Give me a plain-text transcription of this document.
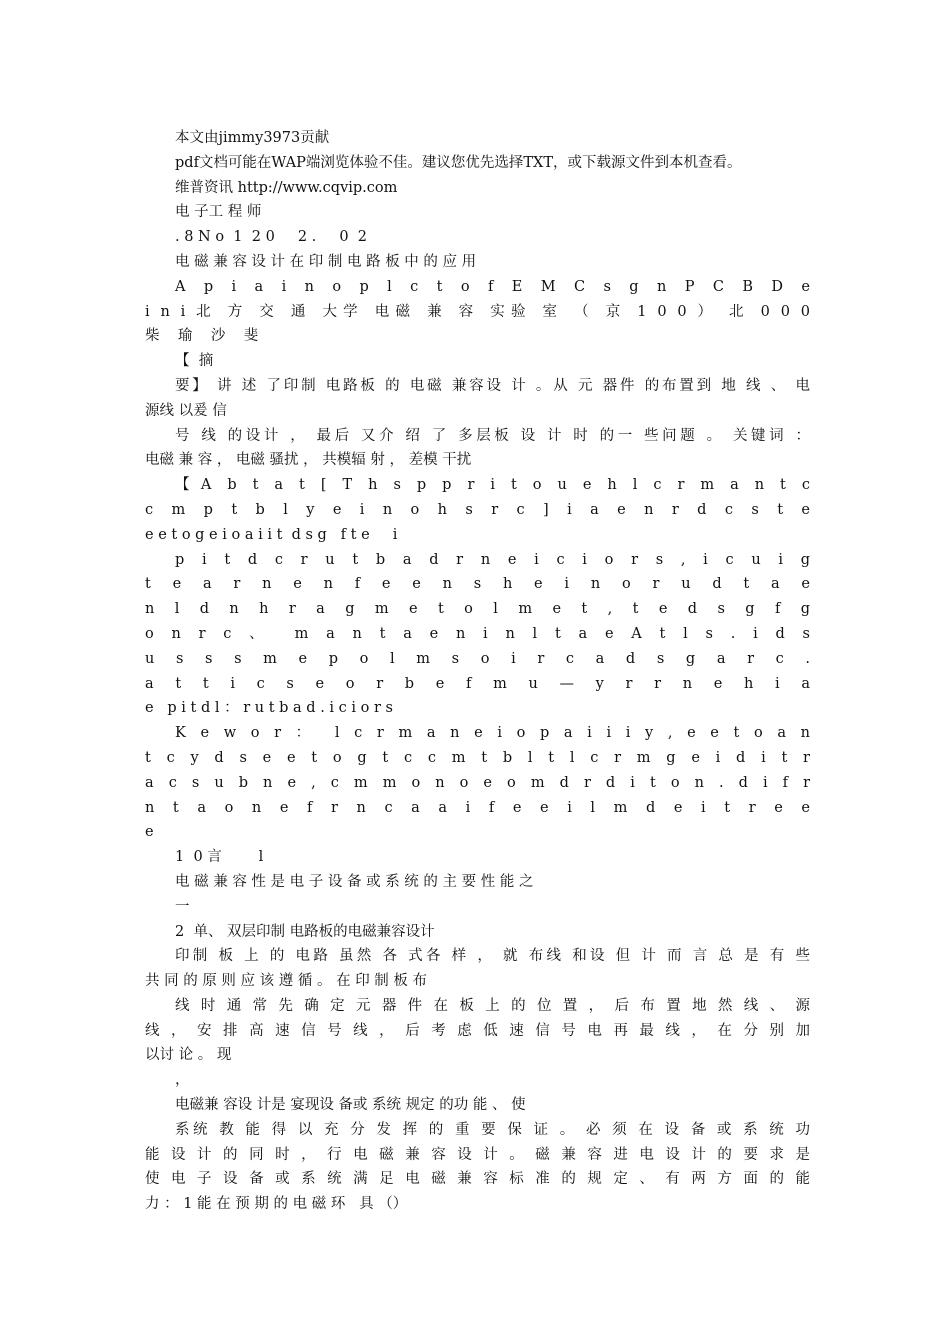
本文由jimmy3973贡献
pdf文档可能在WAP端浏览体验不佳。建议您优先选择TXT，或下载源文件到本机查看。
维普资讯 http://www.cqvip.com
电 子工 程 师
. 8 N o  1  2 0     2 .     0  2
电 磁 兼 容 设 计 在 印 制 电 路 板 中 的 应 用
A p i a i n o p l c t o f E M C s g n P C B D e
i n i 北 方 交 通 大学 电磁 兼 容 实验 室 （ 京 1 0 0 ） 北 0 0 0
柴    瑜    沙    斐
【  摘
要】 讲 述 了印制 电路板 的 电磁 兼容设 计 。从 元 器件 的布置到 地 线 、 电
源线 以爰 信
号 线 的设计 ， 最后 又介 绍 了 多层板 设 计 时 的一 些问题 。 关键词 ：
电磁 兼 容 ， 电磁 骚扰 ， 共模辐 射 ， 差模 干扰
【A b t a t [ T h s p p r i t o u e h l c r m a n t c
c m p t b l y e i n o h s r c ] i a e n r d c s t e
e e t o g e i o a i i t  d s g   f t e     i
p i t d c r u t b a d r n e i c i o r s , i c u i g
t e a r n e n f e e n s h e i n o r u d t a e
n l d n h r a g m e t o l m e t , t e d s g f g
o n r c 、 m a n t a e n i n l t a e A t l s . i d s
u s s s m e p o l m s o i r c a d s g a r c .
a t t i c s e o r b e f m u — y r r n e h i a
e   p i t d l ： r u t b a d . i c i o r s
K e w o r ： l c r m a n e i o p a i i i y , e e t o a n
t c y d s e e t o g t c c m t b l t l c r m g e i d i t r
a c s u b n e , c m m o n o e o m d r d i t o n . d i f r
n t a o n e f r n c a a i f e e i l m d e i t r e e
e
1  0 言        l
电 磁 兼 容 性 是 电 子 设 备 或 系 统 的 主 要 性 能 之
一
2  单、 双层印制 电路板的电磁兼容设计
印制 板 上 的 电路 虽然 各 式各 样 ， 就 布线 和设 但 计 而 言 总 是 有 些
共 同 的 原 则 应 该 遵 循 。 在 印 制 板 布
线 时 通 常 先 确 定 元 器 件 在 板 上 的 位 置 ， 后 布 置 地 然 线 、 源
线 ， 安 排 高 速 信 号 线 ， 后 考 虑 低 速 信 号 电 再 最 线 ， 在 分 别 加
以讨 论 。 现
，
电磁兼 容设 计是 宴现设 备或 系统 规定 的功 能 、 使
系统 教 能 得 以 充 分 发 挥 的 重 要 保 证 。 必 须 在 设 备 或 系 统 功
能 设 计 的 同 时 ， 行 电 磁 兼 容 设 计 。 磁 兼 容 进 电 设 计 的 要 求 是
使 电 子 设 备 或 系 统 满 足 电 磁 兼 容 标 准 的 规 定 、 有 两 方 面 的 能
力 ： 1 能 在 预 期 的 电 磁 环   具 （）
